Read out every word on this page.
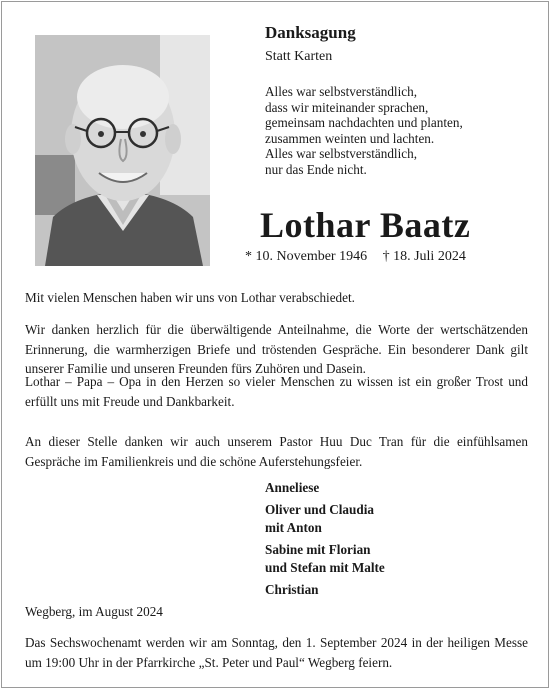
Danksagung
Statt Karten
Alles war selbstverständlich,
dass wir miteinander sprachen,
gemeinsam nachdachten und planten,
zusammen weinten und lachten.
Alles war selbstverständlich,
nur das Ende nicht.
Lothar Baatz
* 10. November 1946 † 18. Juli 2024

Mit vielen Menschen haben wir uns von Lothar verabschiedet.

Wir danken herzlich für die überwältigende Anteilnahme, die Worte der wertschätzenden Erinnerung, die warmherzigen Briefe und tröstenden Gespräche. Ein besonderer Dank gilt unserer Familie und unseren Freunden fürs Zuhören und Dasein.

Lothar – Papa – Opa in den Herzen so vieler Menschen zu wissen ist ein großer Trost und erfüllt uns mit Freude und Dankbarkeit.

An dieser Stelle danken wir auch unserem Pastor Huu Duc Tran für die einfühlsamen Gespräche im Familienkreis und die schöne Auferstehungsfeier.

Anneliese
Oliver und Claudia
mit Anton
Sabine mit Florian
und Stefan mit Malte
Christian
Wegberg, im August 2024

Das Sechswochenamt werden wir am Sonntag, den 1. September 2024 in der heiligen Messe um 19:00 Uhr in der Pfarrkirche „St. Peter und Paul“ Wegberg feiern.
